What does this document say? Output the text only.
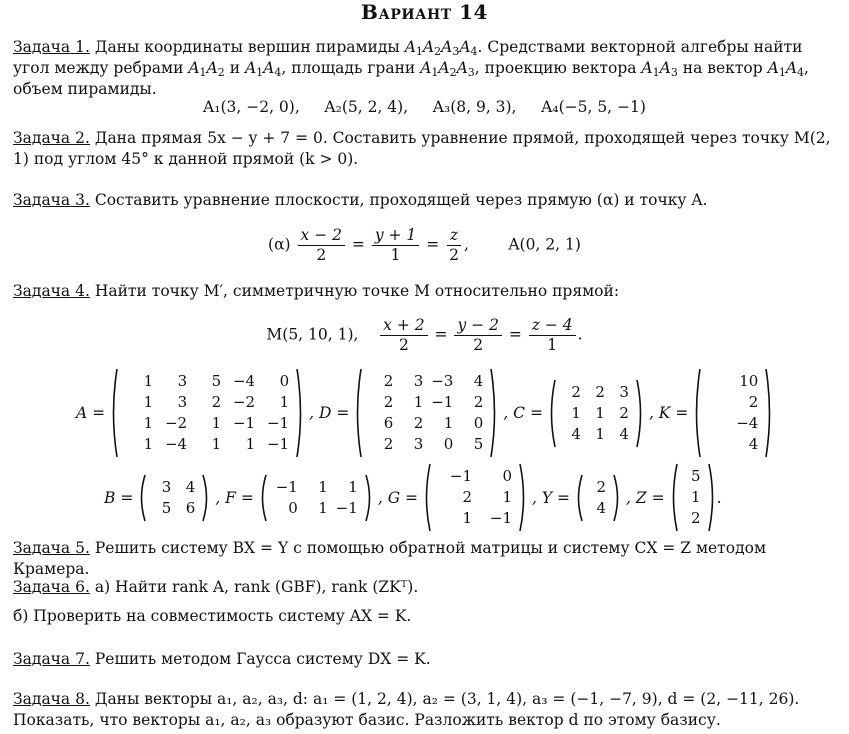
Вариант 14
Задача 1. Даны координаты вершин пирамиды $A_1A_2A_3A_4$. Средствами векторной алгебры найти угол между ребрами $A_1A_2$ и $A_1A_4$, площадь грани $A_1A_2A_3$, проекцию вектора $A_1A_3$ на вектор $A_1A_4$, объем пирамиды.
A₁(3, −2, 0), A₂(5, 2, 4), A₃(8, 9, 3), A₄(−5, 5, −1)
Задача 2. Дана прямая 5x − y + 7 = 0. Составить уравнение прямой, проходящей через точку M(2, 1) под углом 45° к данной прямой (k > 0).
Задача 3. Составить уравнение плоскости, проходящей через прямую (α) и точку A.
$(\alpha) \frac{x - 2}{2} = \frac{y + 1}{1} = \frac{z}{2}$ ,        A(0, 2, 1)
Задача 4. Найти точку M′, симметричную точке M относительно прямой:
M(5, 10, 1), $\frac{x + 2}{2} = \frac{y - 2}{2} = \frac{z - 4}{1}$ .
A =
1	3	5 −4	0
1	3	2 −2	1
1 −2	1 −1 −1
1 −4	1	1 −1
, D =
2	3 −3	4
2	1 −1	2
6	2	1	0
2	3	0	5
, C =
2 2 3
1 1 2
4 1 4
, K =
10
2
−4
4
B =
3 4
5 6
, F =
−1	1	1
0	1 −1
, G =
−1	0
2	1
1	−1
, Y =
2
4
, Z =
5
1
2
.
Задача 5. Решить систему BX = Y с помощью обратной матрицы и систему CX = Z методом Крамера.
Задача 6. а) Найти rank A, rank (GBF), rank (ZKᵀ).
б) Проверить на совместимость систему AX = K.
Задача 7. Решить методом Гаусса систему DX = K.
Задача 8. Даны векторы a₁, a₂, a₃, d: a₁ = (1, 2, 4), a₂ = (3, 1, 4), a₃ = (−1, −7, 9), d = (2, −11, 26).
Показать, что векторы a₁, a₂, a₃ образуют базис. Разложить вектор d по этому базису.
